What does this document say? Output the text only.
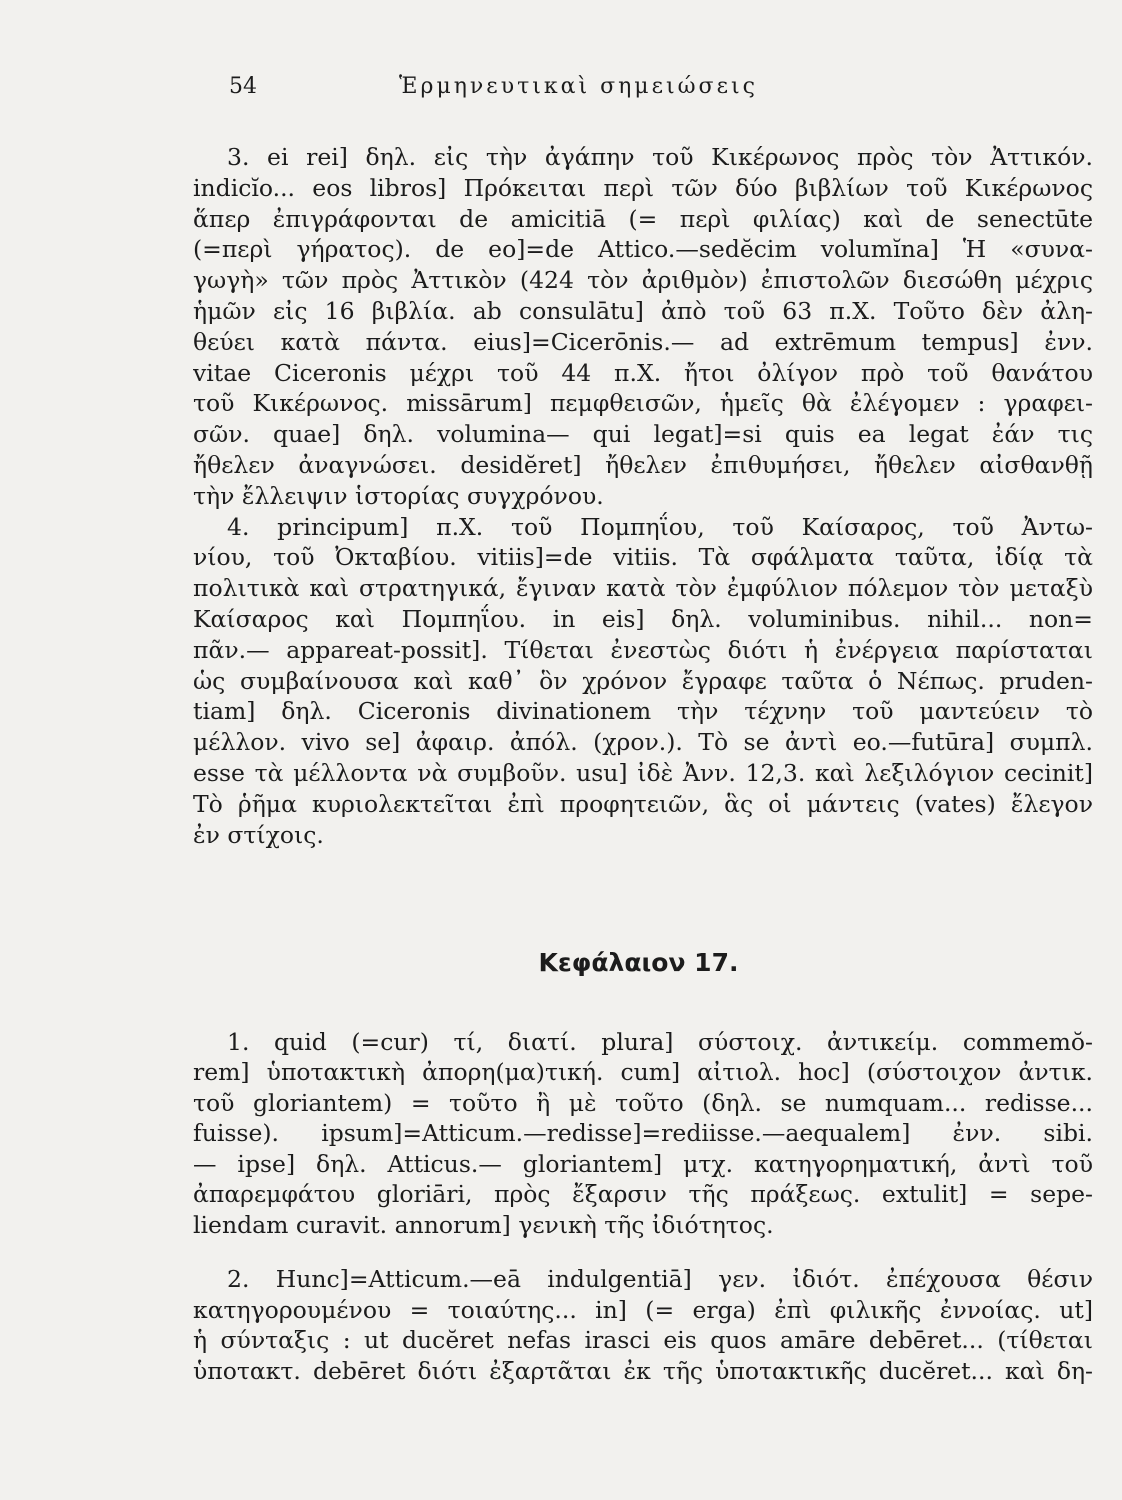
54	Ἑρμηνευτικαὶ σημειώσεις

3. ei rei] δηλ. εἰς τὴν ἀγάπην τοῦ Κικέρωνος πρὸς τὸν Ἀττικόν.
indicĭo... eos libros] Πρόκειται περὶ τῶν δύο βιβλίων τοῦ Κικέρωνος
ἅπερ ἐπιγράφονται de amicitiā (= περὶ φιλίας) καὶ de senectūte
(=περὶ γήρατος). de eo]=de Attico.—sedĕcim volumĭna] Ἡ «συνα-
γωγὴ» τῶν πρὸς Ἀττικὸν (424 τὸν ἀριθμὸν) ἐπιστολῶν διεσώθη μέχρις
ἡμῶν εἰς 16 βιβλία. ab consulātu] ἀπὸ τοῦ 63 π.Χ. Τοῦτο δὲν ἀλη-
θεύει κατὰ πάντα. eius]=Cicerōnis.— ad extrēmum tempus] ἐνν.
vitae Ciceronis μέχρι τοῦ 44 π.Χ. ἤτοι ὀλίγον πρὸ τοῦ θανάτου
τοῦ Κικέρωνος. missārum] πεμφθεισῶν, ἡμεῖς θὰ ἐλέγομεν : γραφει-
σῶν. quae] δηλ. volumina— qui legat]=si quis ea legat ἐάν τις
ἤθελεν ἀναγνώσει. desidĕret] ἤθελεν ἐπιθυμήσει, ἤθελεν αἰσθανθῇ
τὴν ἔλλειψιν ἱστορίας συγχρόνου.

4. principum] π.Χ. τοῦ Πομπηΐου, τοῦ Καίσαρος, τοῦ Ἀντω-
νίου, τοῦ Ὀκταβίου. vitiis]=de vitiis. Τὰ σφάλματα ταῦτα, ἰδίᾳ τὰ
πολιτικὰ καὶ στρατηγικά, ἔγιναν κατὰ τὸν ἐμφύλιον πόλεμον τὸν μεταξὺ
Καίσαρος καὶ Πομπηΐου. in eis] δηλ. voluminibus. nihil... non=
πᾶν.— appareat-possit]. Τίθεται ἐνεστὼς διότι ἡ ἐνέργεια παρίσταται
ὡς συμβαίνουσα καὶ καθ᾿ ὃν χρόνον ἔγραφε ταῦτα ὁ Νέπως. pruden-
tiam] δηλ. Ciceronis divinationem τὴν τέχνην τοῦ μαντεύειν τὸ
μέλλον. vivo se] ἀφαιρ. ἀπόλ. (χρον.). Τὸ se ἀντὶ eo.—futūra] συμπλ.
esse τὰ μέλλοντα νὰ συμβοῦν. usu] ἰδὲ Ἀνν. 12,3. καὶ λεξιλόγιον cecinit]
Τὸ ῥῆμα κυριολεκτεῖται ἐπὶ προφητειῶν, ἃς οἱ μάντεις (vates) ἔλεγον
ἐν στίχοις.

Κεφάλαιον 17.

1. quid (=cur) τί, διατί. plura] σύστοιχ. ἀντικείμ. commemŏ-
rem] ὑποτακτικὴ ἀπορη(μα)τική. cum] αἰτιολ. hoc] (σύστοιχον ἀντικ.
τοῦ gloriantem) = τοῦτο ἢ μὲ τοῦτο (δηλ. se numquam... redisse...
fuisse). ipsum]=Atticum.—redisse]=rediisse.—aequalem] ἐνν. sibi.
— ipse] δηλ. Atticus.— gloriantem] μτχ. κατηγορηματική, ἀντὶ τοῦ
ἀπαρεμφάτου gloriāri, πρὸς ἔξαρσιν τῆς πράξεως. extulit] = sepe-
liendam curavit. annorum] γενικὴ τῆς ἰδιότητος.

2. Hunc]=Atticum.—eā indulgentiā] γεν. ἰδιότ. ἐπέχουσα θέσιν
κατηγορουμένου = τοιαύτης... in] (= erga) ἐπὶ φιλικῆς ἐννοίας. ut]
ἡ σύνταξις : ut ducĕret nefas irasci eis quos amāre debēret... (τίθεται
ὑποτακτ. debēret διότι ἐξαρτᾶται ἐκ τῆς ὑποτακτικῆς ducĕret... καὶ δη-
